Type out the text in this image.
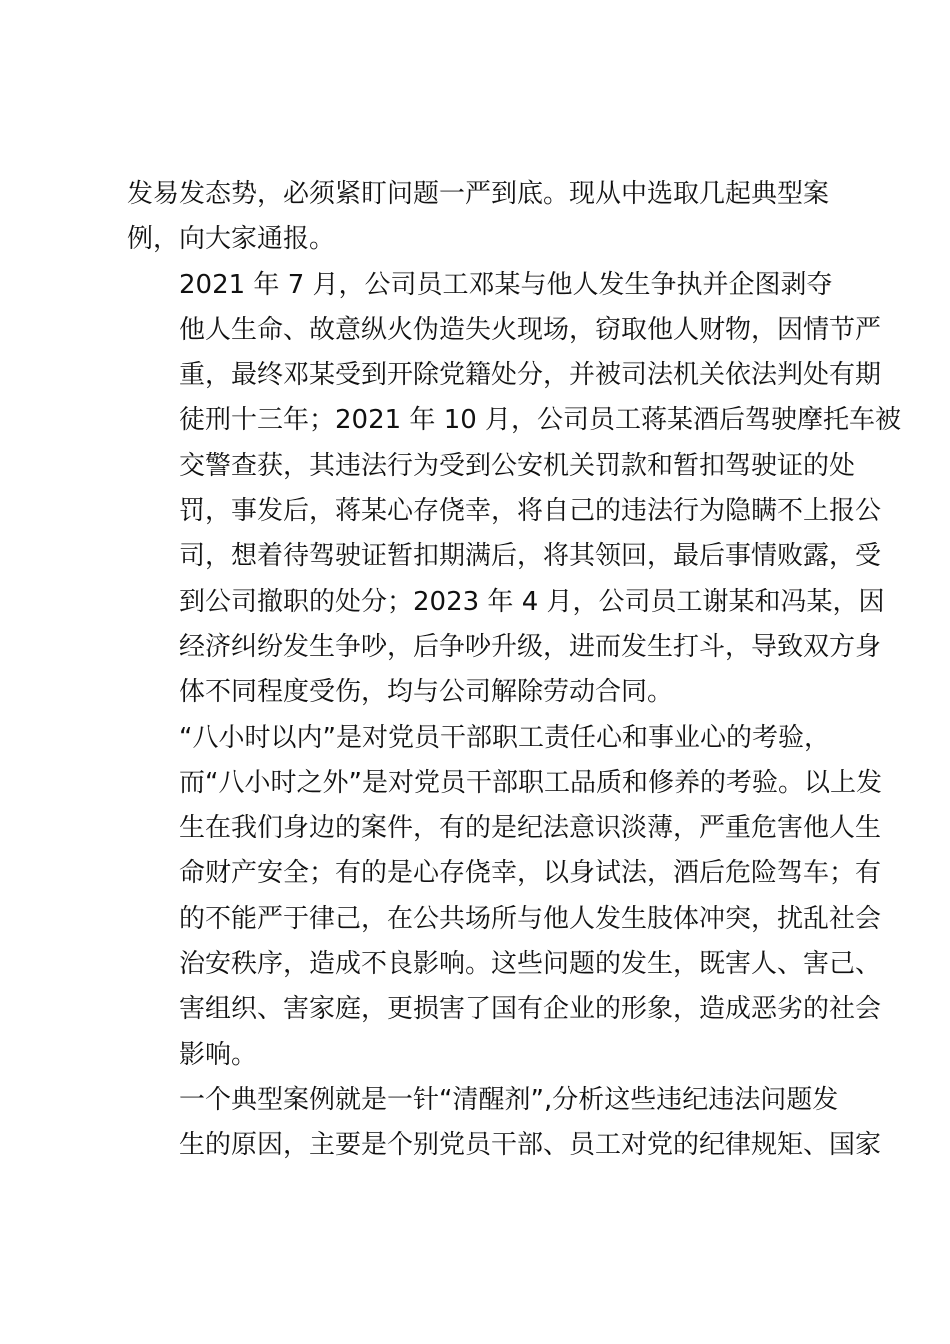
发易发态势，必须紧盯问题一严到底。现从中选取几起典型案
例，向大家通报。

2021 年 7 月，公司员工邓某与他人发生争执并企图剥夺
他人生命、故意纵火伪造失火现场，窃取他人财物，因情节严
重，最终邓某受到开除党籍处分，并被司法机关依法判处有期
徒刑十三年；2021 年 10 月，公司员工蒋某酒后驾驶摩托车被
交警查获，其违法行为受到公安机关罚款和暂扣驾驶证的处
罚，事发后，蒋某心存侥幸，将自己的违法行为隐瞒不上报公
司，想着待驾驶证暂扣期满后，将其领回，最后事情败露，受
到公司撤职的处分；2023 年 4 月，公司员工谢某和冯某，因
经济纠纷发生争吵，后争吵升级，进而发生打斗，导致双方身
体不同程度受伤，均与公司解除劳动合同。

“八小时以内”是对党员干部职工责任心和事业心的考验，
而“八小时之外”是对党员干部职工品质和修养的考验。以上发
生在我们身边的案件，有的是纪法意识淡薄，严重危害他人生
命财产安全；有的是心存侥幸，以身试法，酒后危险驾车；有
的不能严于律己，在公共场所与他人发生肢体冲突，扰乱社会
治安秩序，造成不良影响。这些问题的发生，既害人、害己、
害组织、害家庭，更损害了国有企业的形象，造成恶劣的社会
影响。

一个典型案例就是一针“清醒剂”,分析这些违纪违法问题发
生的原因，主要是个别党员干部、员工对党的纪律规矩、国家
